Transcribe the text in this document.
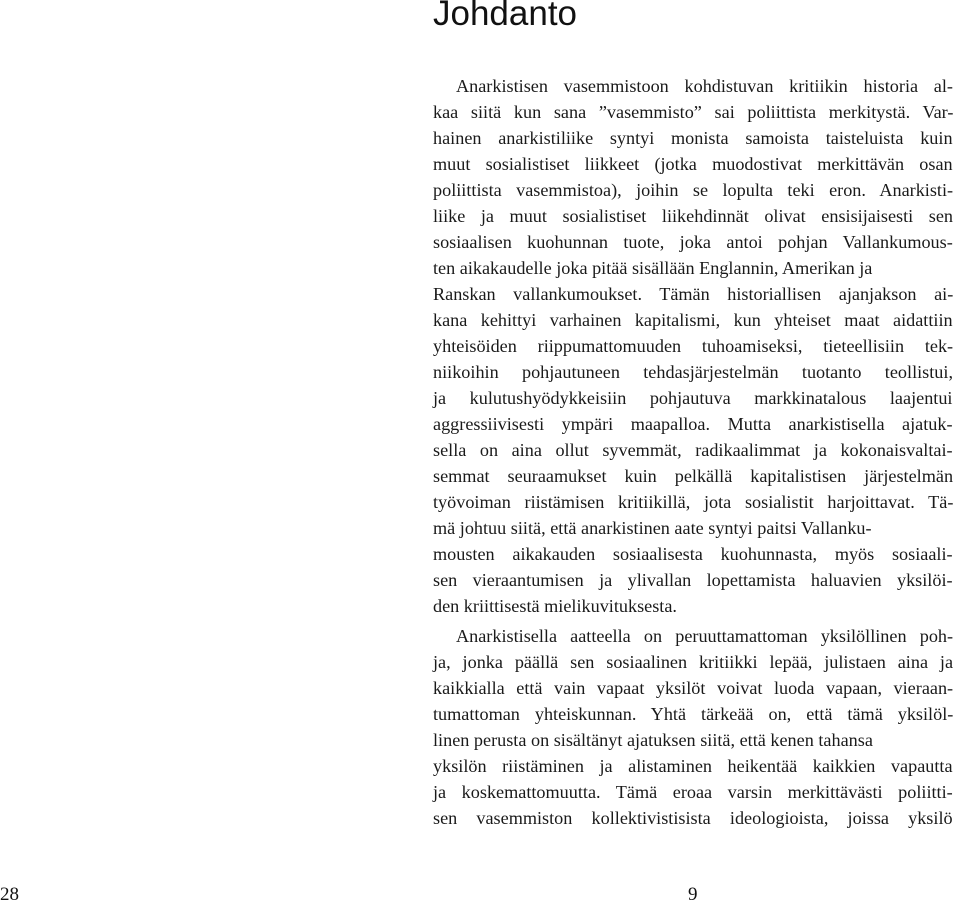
Johdanto
Anarkistisen vasemmistoon kohdistuvan kritiikin historia al-
kaa siitä kun sana ”vasemmisto” sai poliittista merkitystä. Var-
hainen anarkistiliike syntyi monista samoista taisteluista kuin
muut sosialistiset liikkeet (jotka muodostivat merkittävän osan
poliittista vasemmistoa), joihin se lopulta teki eron. Anarkisti-
liike ja muut sosialistiset liikehdinnät olivat ensisijaisesti sen
sosiaalisen kuohunnan tuote, joka antoi pohjan Vallankumous-
ten aikakaudelle joka pitää sisällään Englannin, Amerikan ja
Ranskan vallankumoukset. Tämän historiallisen ajanjakson ai-
kana kehittyi varhainen kapitalismi, kun yhteiset maat aidattiin
yhteisöiden riippumattomuuden tuhoamiseksi, tieteellisiin tek-
niikoihin pohjautuneen tehdasjärjestelmän tuotanto teollistui,
ja kulutushyödykkeisiin pohjautuva markkinatalous laajentui
aggressiivisesti ympäri maapalloa. Mutta anarkistisella ajatuk-
sella on aina ollut syvemmät, radikaalimmat ja kokonaisvaltai-
semmat seuraamukset kuin pelkällä kapitalistisen järjestelmän
työvoiman riistämisen kritiikillä, jota sosialistit harjoittavat. Tä-
mä johtuu siitä, että anarkistinen aate syntyi paitsi Vallanku-
mousten aikakauden sosiaalisesta kuohunnasta, myös sosiaali-
sen vieraantumisen ja ylivallan lopettamista haluavien yksilöi-
den kriittisestä mielikuvituksesta.
Anarkistisella aatteella on peruuttamattoman yksilöllinen poh-
ja, jonka päällä sen sosiaalinen kritiikki lepää, julistaen aina ja
kaikkialla että vain vapaat yksilöt voivat luoda vapaan, vieraan-
tumattoman yhteiskunnan. Yhtä tärkeää on, että tämä yksilöl-
linen perusta on sisältänyt ajatuksen siitä, että kenen tahansa
yksilön riistäminen ja alistaminen heikentää kaikkien vapautta
ja koskemattomuutta. Tämä eroaa varsin merkittävästi poliitti-
sen vasemmiston kollektivistisista ideologioista, joissa yksilö
28	9
